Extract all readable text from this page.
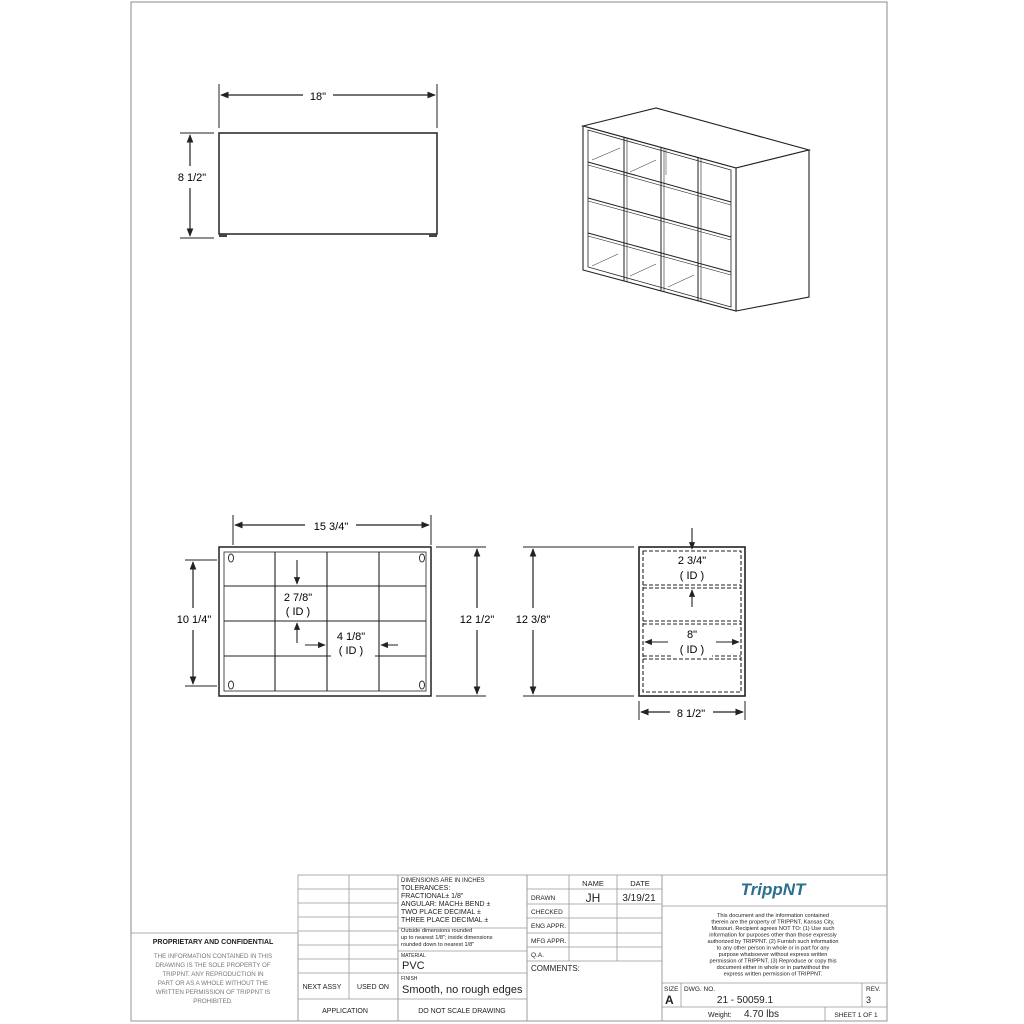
18"
8 1/2"
15 3/4"
10 1/4"	12 1/2"
2 7/8"
( ID )
4 1/8"
( ID )
2 3/4"
( ID )
8"
( ID )
12 3/8"
8 1/2"
PROPRIETARY AND CONFIDENTIAL
THE INFORMATION CONTAINED IN THIS
DRAWING IS THE SOLE PROPERTY OF
TRIPPNT. ANY REPRODUCTION IN
PART OR AS A WHOLE WITHOUT THE
WRITTEN PERMISSION OF TRIPPNT IS
PROHIBITED.
NEXT ASSY USED ON
APPLICATION
DIMENSIONS ARE IN INCHES
TOLERANCES:
FRACTIONAL± 1/8"
ANGULAR: MACH± BEND ±
TWO PLACE DECIMAL ±
THREE PLACE DECIMAL ±
Outside dimensions rounded
up to nearest 1/8"; inside dimensions
rounded down to nearest 1/8"
MATERIAL
PVC
FINISH
Smooth, no rough edges
DO NOT SCALE DRAWING
NAME	DATE
DRAWN	JH 3/19/21
CHECKED
ENG APPR.
MFG APPR.
Q.A.
COMMENTS:
TrippNT
This document and the information contained
therein are the property of TRIPPNT, Kansas City,
Missouri. Recipient agrees NOT TO: (1) Use such
information for purposes other than those expressly
authorized by TRIPPNT. (2) Furnish such information
to any other person in whole or in part for any
purpose whatsoever without express written
permission of TRIPPNT. (3) Reproduce or copy this
document either in whole or in partwithout the
express written permission of TRIPPNT.
SIZE
A
DWG. NO.
21 - 50059.1
REV.
3
Weight: 4.70 lbs	SHEET 1 OF 1
